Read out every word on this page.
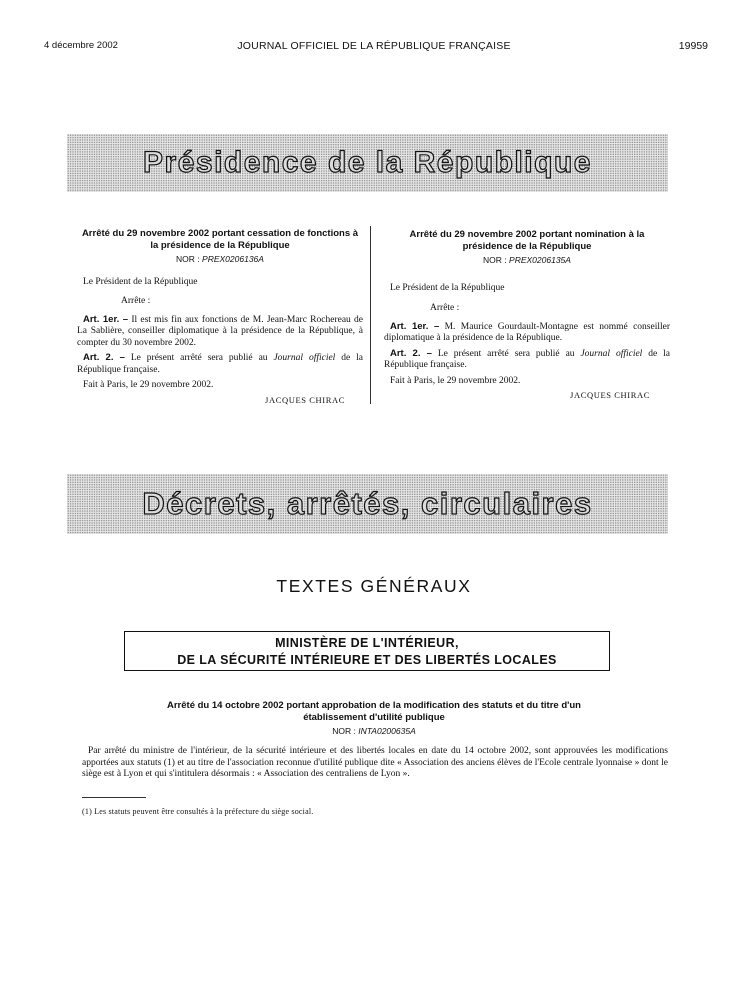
4 décembre 2002	JOURNAL OFFICIEL DE LA RÉPUBLIQUE FRANÇAISE	19959
Présidence de la République
Arrêté du 29 novembre 2002 portant cessation de fonctions à la présidence de la République
NOR : PREX0206136A
Le Président de la République
Arrête :
Art. 1er. – Il est mis fin aux fonctions de M. Jean-Marc Rochereau de La Sablière, conseiller diplomatique à la présidence de la République, à compter du 30 novembre 2002.
Art. 2. – Le présent arrêté sera publié au Journal officiel de la République française.
Fait à Paris, le 29 novembre 2002.
JACQUES CHIRAC
Arrêté du 29 novembre 2002 portant nomination à la présidence de la République
NOR : PREX0206135A
Le Président de la République
Arrête :
Art. 1er. – M. Maurice Gourdault-Montagne est nommé conseiller diplomatique à la présidence de la République.
Art. 2. – Le présent arrêté sera publié au Journal officiel de la République française.
Fait à Paris, le 29 novembre 2002.
JACQUES CHIRAC
Décrets, arrêtés, circulaires
TEXTES GÉNÉRAUX
MINISTÈRE DE L'INTÉRIEUR,
DE LA SÉCURITÉ INTÉRIEURE ET DES LIBERTÉS LOCALES
Arrêté du 14 octobre 2002 portant approbation de la modification des statuts et du titre d'un établissement d'utilité publique
NOR : INTA0200635A
Par arrêté du ministre de l'intérieur, de la sécurité intérieure et des libertés locales en date du 14 octobre 2002, sont approuvées les modifications apportées aux statuts (1) et au titre de l'association reconnue d'utilité publique dite « Association des anciens élèves de l'Ecole centrale lyonnaise » dont le siège est à Lyon et qui s'intitulera désormais : « Association des centraliens de Lyon ».
(1) Les statuts peuvent être consultés à la préfecture du siège social.
